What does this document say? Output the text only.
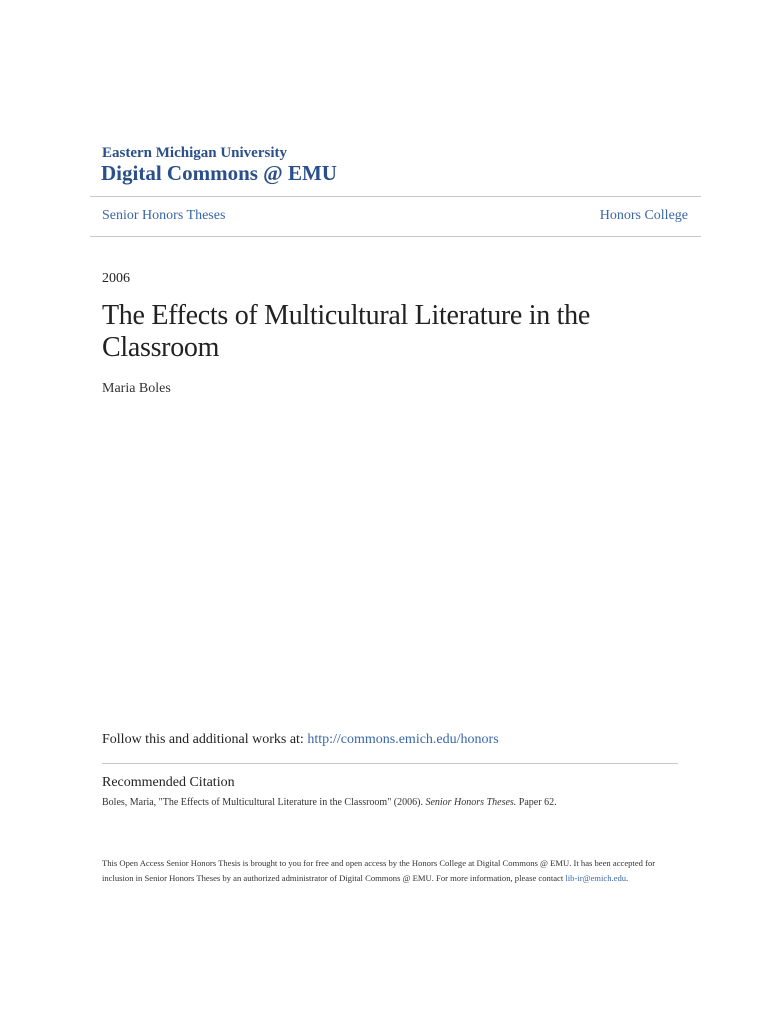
Eastern Michigan University
Digital Commons @ EMU
Senior Honors Theses	Honors College
2006
The Effects of Multicultural Literature in the Classroom
Maria Boles
Follow this and additional works at: http://commons.emich.edu/honors
Recommended Citation
Boles, Maria, "The Effects of Multicultural Literature in the Classroom" (2006). Senior Honors Theses. Paper 62.
This Open Access Senior Honors Thesis is brought to you for free and open access by the Honors College at Digital Commons @ EMU. It has been accepted for inclusion in Senior Honors Theses by an authorized administrator of Digital Commons @ EMU. For more information, please contact lib-ir@emich.edu.
